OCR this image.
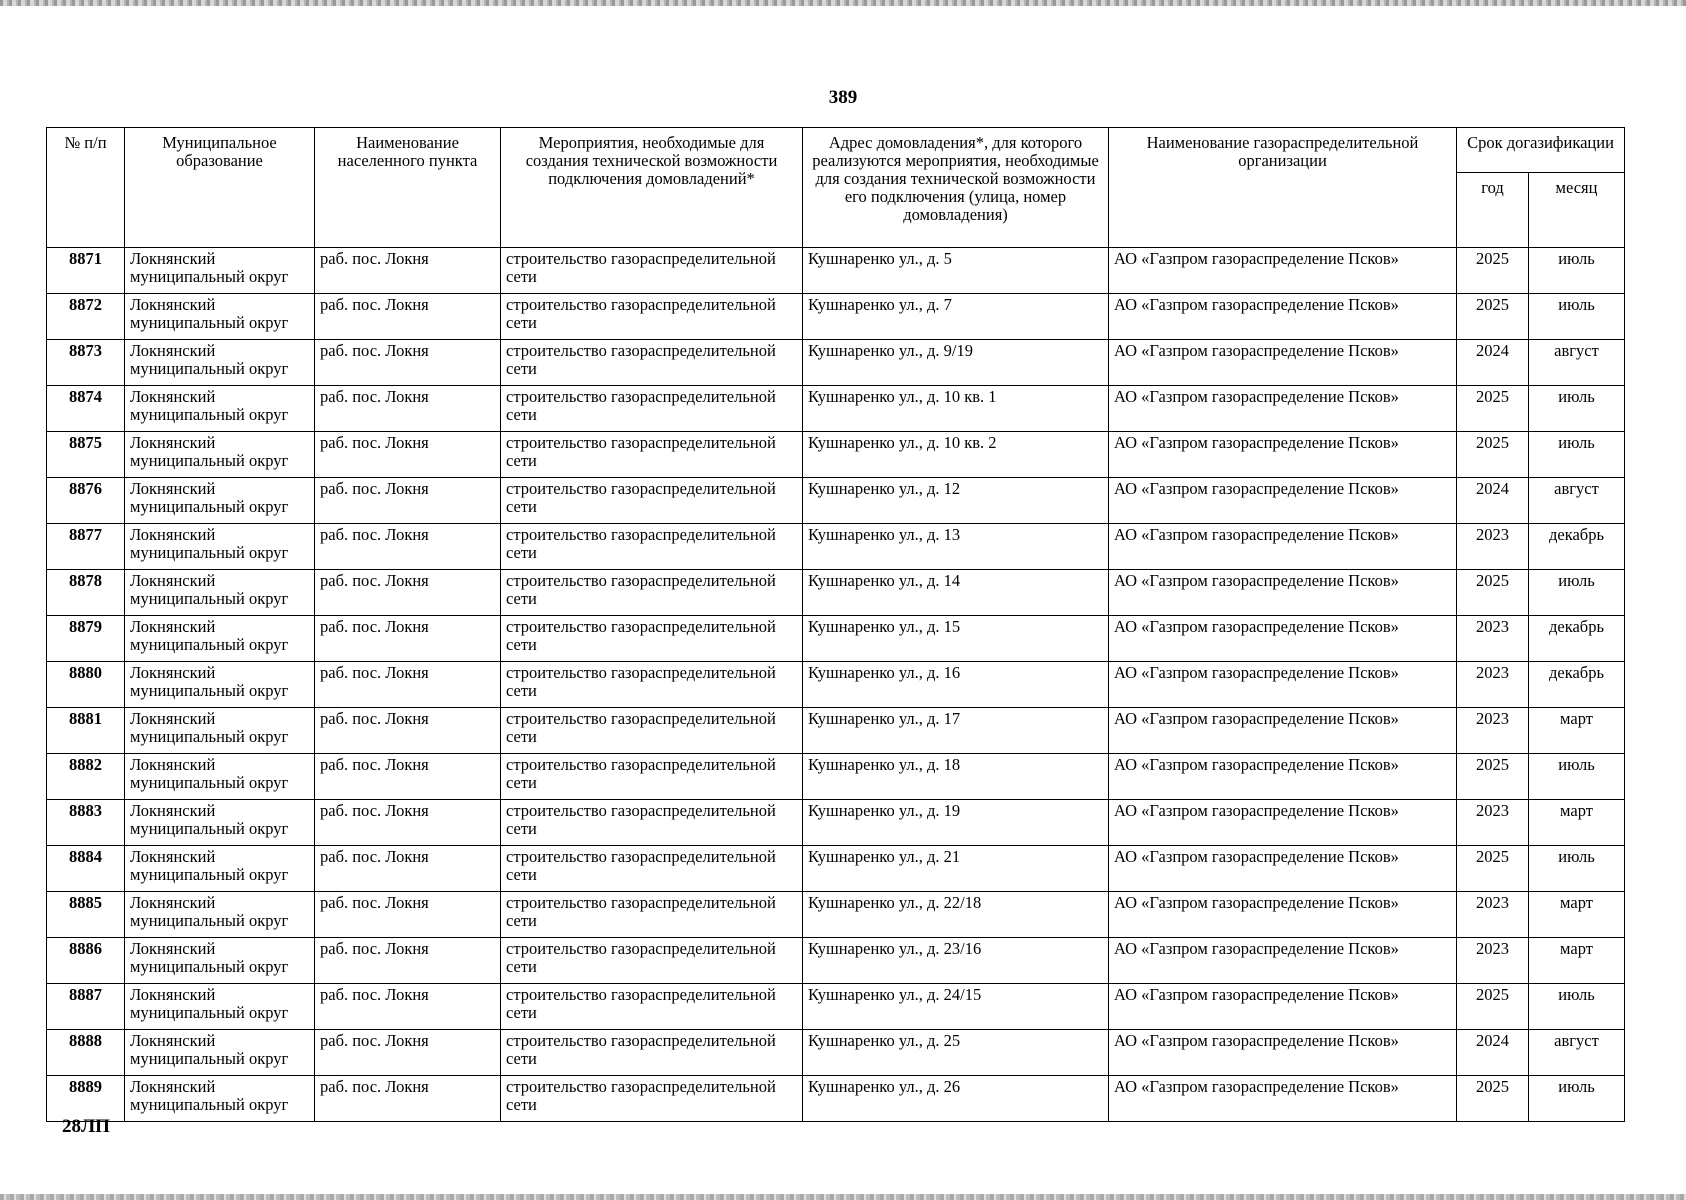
389
№ п/п	Муниципальное образование	Наименование населенного пункта	Мероприятия, необходимые для создания технической возможности подключения домовладений*	Адрес домовладения*, для которого реализуются мероприятия, необходимые для создания технической возможности его подключения (улица, номер домовладения)	Наименование газораспределительной организации	Срок догазификации	
						год	месяц
8871	Локнянский муниципальный округ	раб. пос. Локня	строительство газораспределительной сети	Кушнаренко ул., д. 5	АО «Газпром газораспределение Псков»	2025	июль
8872	Локнянский муниципальный округ	раб. пос. Локня	строительство газораспределительной сети	Кушнаренко ул., д. 7	АО «Газпром газораспределение Псков»	2025	июль
8873	Локнянский муниципальный округ	раб. пос. Локня	строительство газораспределительной сети	Кушнаренко ул., д. 9/19	АО «Газпром газораспределение Псков»	2024	август
8874	Локнянский муниципальный округ	раб. пос. Локня	строительство газораспределительной сети	Кушнаренко ул., д. 10 кв. 1	АО «Газпром газораспределение Псков»	2025	июль
8875	Локнянский муниципальный округ	раб. пос. Локня	строительство газораспределительной сети	Кушнаренко ул., д. 10 кв. 2	АО «Газпром газораспределение Псков»	2025	июль
8876	Локнянский муниципальный округ	раб. пос. Локня	строительство газораспределительной сети	Кушнаренко ул., д. 12	АО «Газпром газораспределение Псков»	2024	август
8877	Локнянский муниципальный округ	раб. пос. Локня	строительство газораспределительной сети	Кушнаренко ул., д. 13	АО «Газпром газораспределение Псков»	2023	декабрь
8878	Локнянский муниципальный округ	раб. пос. Локня	строительство газораспределительной сети	Кушнаренко ул., д. 14	АО «Газпром газораспределение Псков»	2025	июль
8879	Локнянский муниципальный округ	раб. пос. Локня	строительство газораспределительной сети	Кушнаренко ул., д. 15	АО «Газпром газораспределение Псков»	2023	декабрь
8880	Локнянский муниципальный округ	раб. пос. Локня	строительство газораспределительной сети	Кушнаренко ул., д. 16	АО «Газпром газораспределение Псков»	2023	декабрь
8881	Локнянский муниципальный округ	раб. пос. Локня	строительство газораспределительной сети	Кушнаренко ул., д. 17	АО «Газпром газораспределение Псков»	2023	март
8882	Локнянский муниципальный округ	раб. пос. Локня	строительство газораспределительной сети	Кушнаренко ул., д. 18	АО «Газпром газораспределение Псков»	2025	июль
8883	Локнянский муниципальный округ	раб. пос. Локня	строительство газораспределительной сети	Кушнаренко ул., д. 19	АО «Газпром газораспределение Псков»	2023	март
8884	Локнянский муниципальный округ	раб. пос. Локня	строительство газораспределительной сети	Кушнаренко ул., д. 21	АО «Газпром газораспределение Псков»	2025	июль
8885	Локнянский муниципальный округ	раб. пос. Локня	строительство газораспределительной сети	Кушнаренко ул., д. 22/18	АО «Газпром газораспределение Псков»	2023	март
8886	Локнянский муниципальный округ	раб. пос. Локня	строительство газораспределительной сети	Кушнаренко ул., д. 23/16	АО «Газпром газораспределение Псков»	2023	март
8887	Локнянский муниципальный округ	раб. пос. Локня	строительство газораспределительной сети	Кушнаренко ул., д. 24/15	АО «Газпром газораспределение Псков»	2025	июль
8888	Локнянский муниципальный округ	раб. пос. Локня	строительство газораспределительной сети	Кушнаренко ул., д. 25	АО «Газпром газораспределение Псков»	2024	август
8889	Локнянский муниципальный округ	раб. пос. Локня	строительство газораспределительной сети	Кушнаренко ул., д. 26	АО «Газпром газораспределение Псков»	2025	июль
28ЛП
